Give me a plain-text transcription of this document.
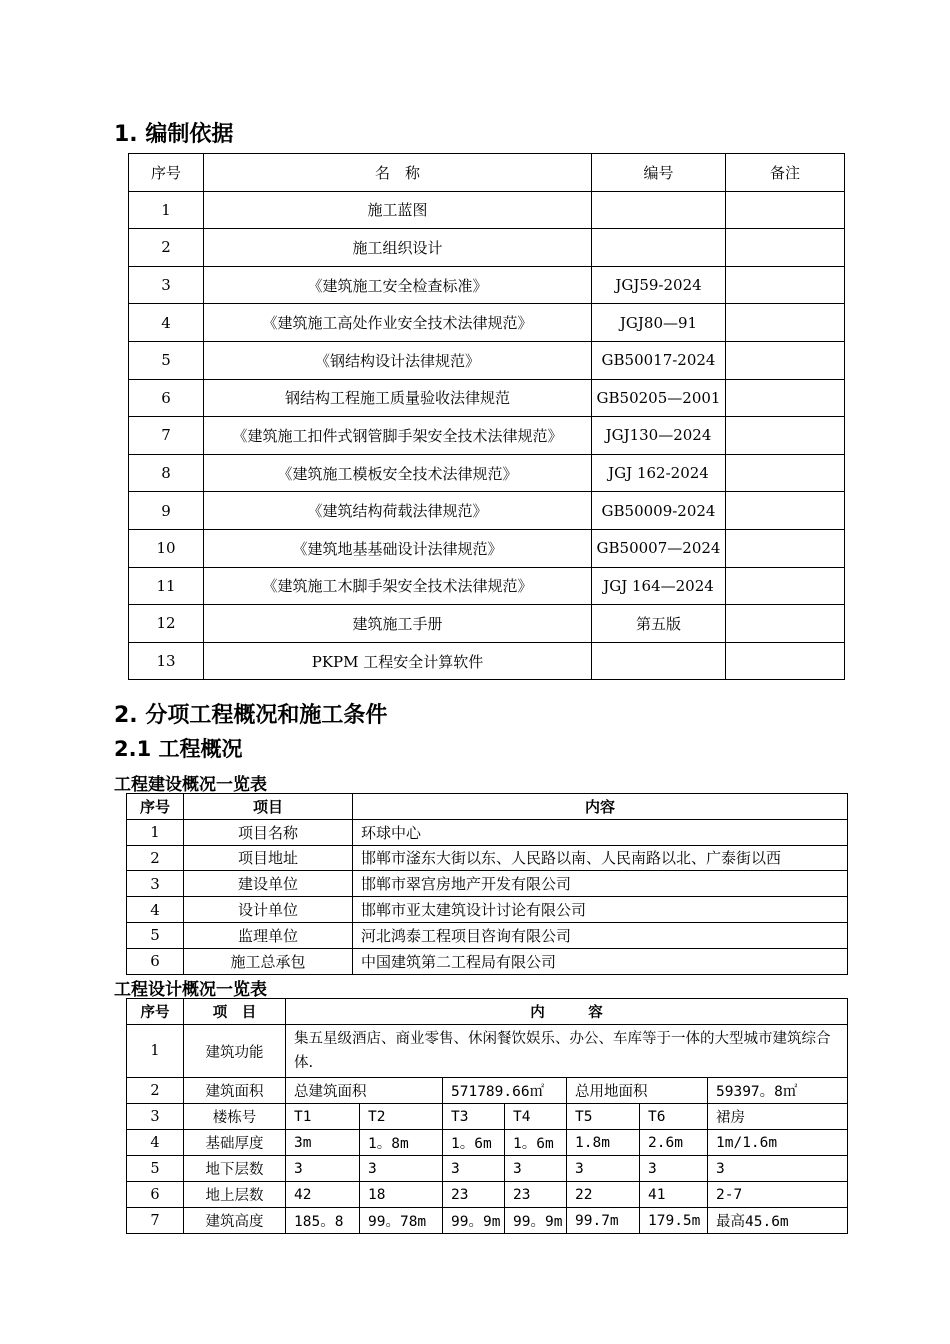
1. 编制依据
序号	名　称	编号	备注
1	施工蓝图		
2	施工组织设计		
3	《建筑施工安全检查标准》	JGJ59-2024	
4	《建筑施工高处作业安全技术法律规范》	JGJ80—91	
5	《钢结构设计法律规范》	GB50017-2024	
6	钢结构工程施工质量验收法律规范	GB50205—2001	
7	《建筑施工扣件式钢管脚手架安全技术法律规范》	JGJ130—2024	
8	《建筑施工模板安全技术法律规范》	JGJ 162-2024	
9	《建筑结构荷载法律规范》	GB50009-2024	
10	《建筑地基基础设计法律规范》	GB50007—2024	
11	《建筑施工木脚手架安全技术法律规范》	JGJ 164—2024	
12	建筑施工手册	第五版	
13	PKPM 工程安全计算软件		
2. 分项工程概况和施工条件
2.1 工程概况
工程建设概况一览表
序号	项目	内容
1	项目名称	环球中心
2	项目地址	邯郸市滏东大街以东、人民路以南、人民南路以北、广泰街以西
3	建设单位	邯郸市翠宫房地产开发有限公司
4	设计单位	邯郸市亚太建筑设计讨论有限公司
5	监理单位	河北鸿泰工程项目咨询有限公司
6	施工总承包	中国建筑第二工程局有限公司
工程设计概况一览表
序号	项　目	内　　　容						
1	建筑功能	集五星级酒店、商业零售、休闲餐饮娱乐、办公、车库等于一体的大型城市建筑综合体.						
2	建筑面积	总建筑面积		571789.66㎡		总用地面积		59397。8㎡
3	楼栋号	T1	T2	T3	T4	T5	T6	裙房
4	基础厚度	3m	1。8m	1。6m	1。6m	1.8m	2.6m	1m/1.6m
5	地下层数	3	3	3	3	3	3	3
6	地上层数	42	18	23	23	22	41	2-7
7	建筑高度	185。8	99。78m	99。9m	99。9m	99.7m	179.5m	最高45.6m
